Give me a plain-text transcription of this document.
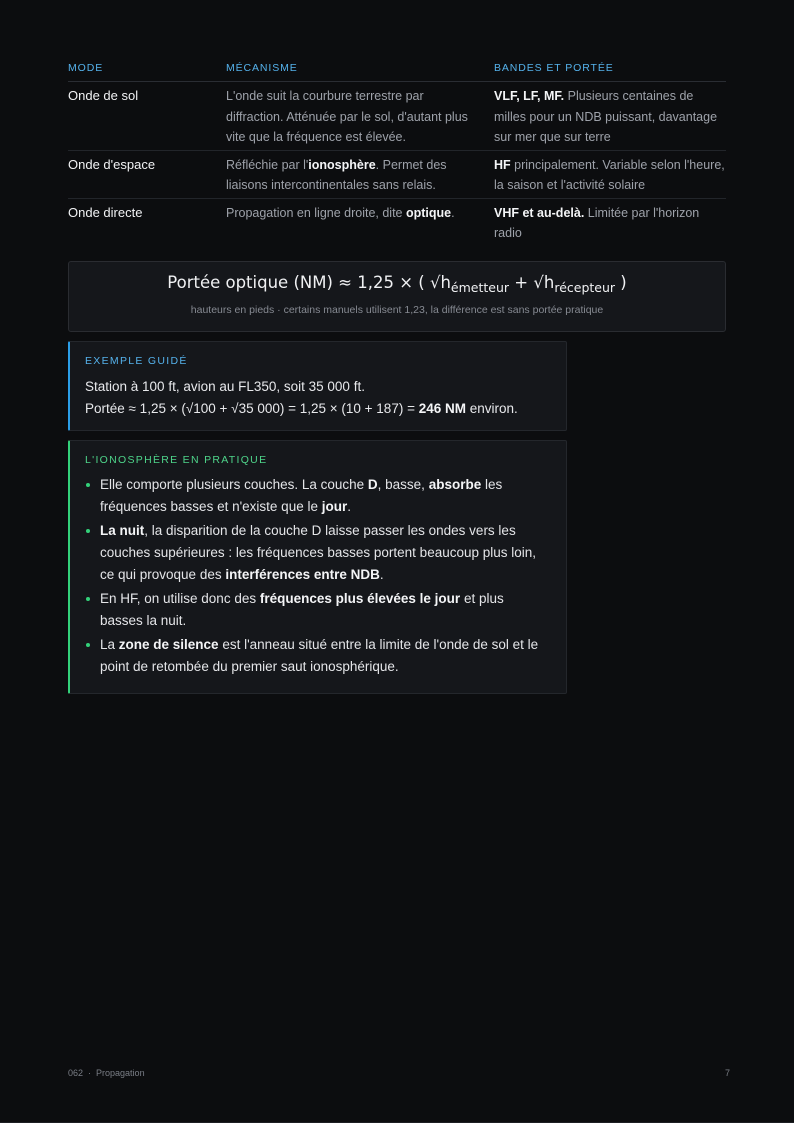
MODE	MÉCANISME	BANDES ET PORTÉE
Onde de sol	L'onde suit la courbure terrestre par diffraction. Atténuée par le sol, d'autant plus vite que la fréquence est élevée.	VLF, LF, MF. Plusieurs centaines de milles pour un NDB puissant, davantage sur mer que sur terre
Onde d'espace	Réfléchie par l'ionosphère. Permet des liaisons intercontinentales sans relais.	HF principalement. Variable selon l'heure, la saison et l'activité solaire
Onde directe	Propagation en ligne droite, dite optique.	VHF et au-delà. Limitée par l'horizon radio
Portée optique (NM) ≈ 1,25 × ( $√h_{émetteur} + √h_{récepteur}$ )
hauteurs en pieds · certains manuels utilisent 1,23, la différence est sans portée pratique
EXEMPLE GUIDÉ
Station à 100 ft, avion au FL350, soit 35 000 ft.
Portée ≈ 1,25 × (√100 + √35 000) = 1,25 × (10 + 187) = 246 NM environ.
L'IONOSPHÈRE EN PRATIQUE
Elle comporte plusieurs couches. La couche D, basse, absorbe les fréquences basses et n'existe que le jour.
La nuit, la disparition de la couche D laisse passer les ondes vers les couches supérieures : les fréquences basses portent beaucoup plus loin, ce qui provoque des interférences entre NDB.
En HF, on utilise donc des fréquences plus élevées le jour et plus basses la nuit.
La zone de silence est l'anneau situé entre la limite de l'onde de sol et le point de retombée du premier saut ionosphérique.
062 · Propagation	7
